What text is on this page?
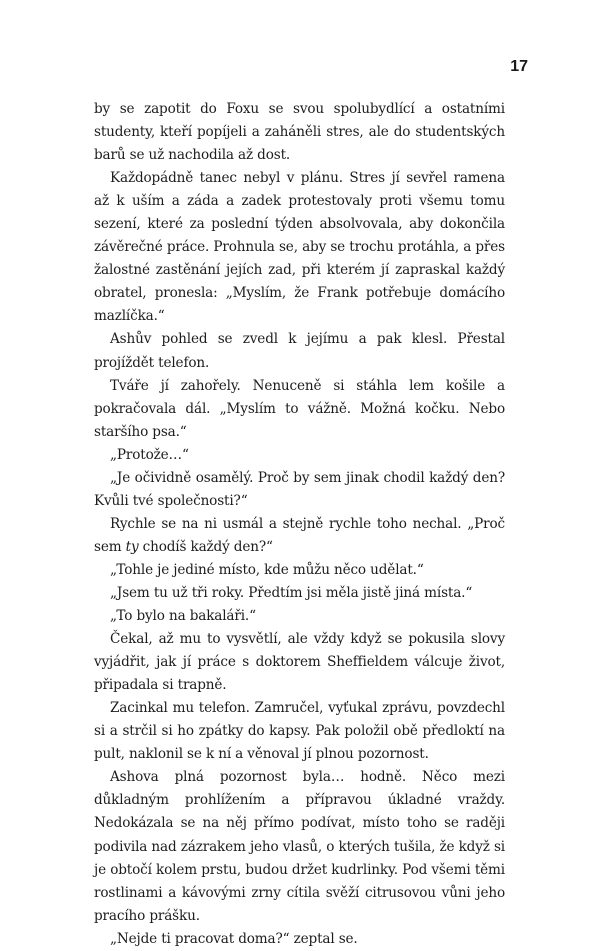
17

by se zapotit do Foxu se svou spolubydlící a ostatními studenty, kteří popíjeli a zaháněli stres, ale do studentských barů se už nachodila až dost.

Každopádně tanec nebyl v plánu. Stres jí sevřel ramena až k uším a záda a zadek protestovaly proti všemu tomu sezení, které za poslední týden absolvovala, aby dokončila závěrečné práce. Prohnula se, aby se trochu protáhla, a přes žalostné zastěnání jejích zad, při kterém jí zapraskal každý obratel, pronesla: „Myslím, že Frank potřebuje domácího mazlíčka.“

Ashův pohled se zvedl k jejímu a pak klesl. Přestal projíždět telefon.

Tváře jí zahořely. Nenuceně si stáhla lem košile a pokračovala dál. „Myslím to vážně. Možná kočku. Nebo staršího psa.“

„Protože…“

„Je očividně osamělý. Proč by sem jinak chodil každý den? Kvůli tvé společnosti?“

Rychle se na ni usmál a stejně rychle toho nechal. „Proč sem ty chodíš každý den?“

„Tohle je jediné místo, kde můžu něco udělat.“

„Jsem tu už tři roky. Předtím jsi měla jistě jiná místa.“

„To bylo na bakaláři.“

Čekal, až mu to vysvětlí, ale vždy když se pokusila slovy vyjádřit, jak jí práce s doktorem Sheffieldem válcuje život, připadala si trapně.

Zacinkal mu telefon. Zamručel, vyťukal zprávu, povzdechl si a strčil si ho zpátky do kapsy. Pak položil obě předloktí na pult, naklonil se k ní a věnoval jí plnou pozornost.

Ashova plná pozornost byla… hodně. Něco mezi důkladným prohlížením a přípravou úkladné vraždy. Nedokázala se na něj přímo podívat, místo toho se raději podivila nad zázrakem jeho vlasů, o kterých tušila, že když si je obtočí kolem prstu, budou držet kudrlinky. Pod všemi těmi rostlinami a kávovými zrny cítila svěží citrusovou vůni jeho pracího prášku.

„Nejde ti pracovat doma?“ zeptal se.
